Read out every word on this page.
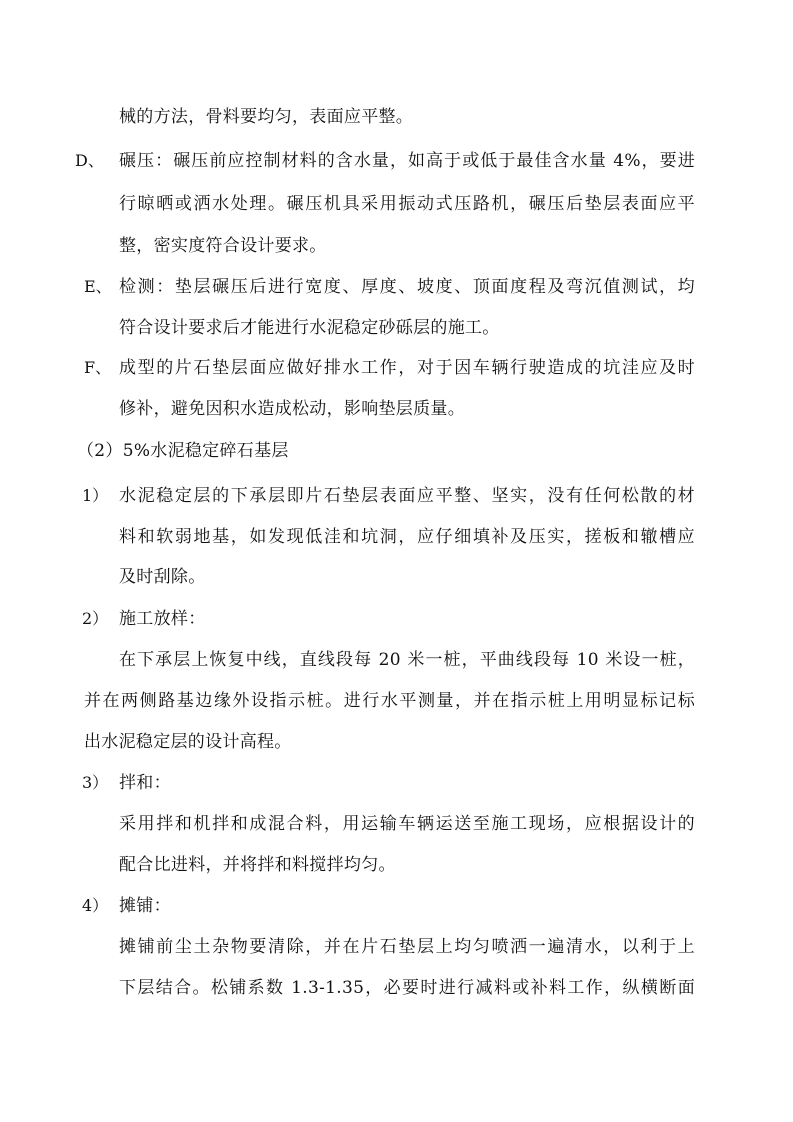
械的方法，骨料要均匀，表面应平整。
D、 碾压：碾压前应控制材料的含水量，如高于或低于最佳含水量 4%，要进
行晾晒或洒水处理。碾压机具采用振动式压路机，碾压后垫层表面应平
整，密实度符合设计要求。
E、 检测：垫层碾压后进行宽度、厚度、坡度、顶面度程及弯沉值测试，均
符合设计要求后才能进行水泥稳定砂砾层的施工。
F、 成型的片石垫层面应做好排水工作，对于因车辆行驶造成的坑洼应及时
修补，避免因积水造成松动，影响垫层质量。
（2）5%水泥稳定碎石基层
1） 水泥稳定层的下承层即片石垫层表面应平整、坚实，没有任何松散的材
料和软弱地基，如发现低洼和坑洞，应仔细填补及压实，搓板和辙槽应
及时刮除。
2） 施工放样：
在下承层上恢复中线，直线段每 20 米一桩，平曲线段每 10 米设一桩，
并在两侧路基边缘外设指示桩。进行水平测量，并在指示桩上用明显标记标
出水泥稳定层的设计高程。
3） 拌和：
采用拌和机拌和成混合料，用运输车辆运送至施工现场，应根据设计的
配合比进料，并将拌和料搅拌均匀。
4） 摊铺：
摊铺前尘土杂物要清除，并在片石垫层上均匀喷洒一遍清水，以利于上
下层结合。松铺系数 1.3-1.35，必要时进行减料或补料工作，纵横断面
